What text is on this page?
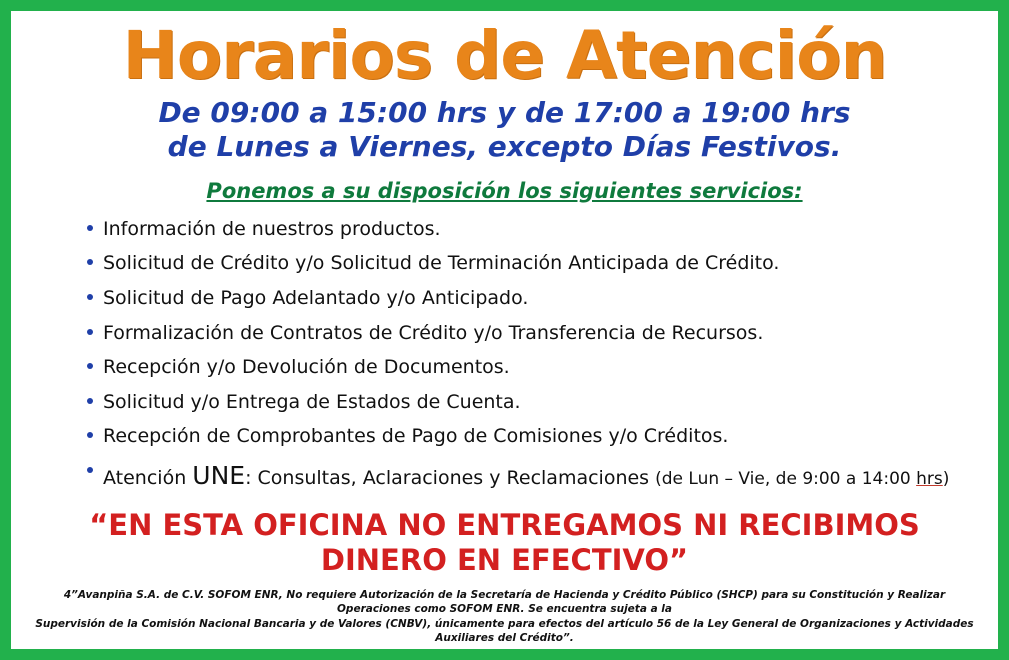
Horarios de Atención
De 09:00 a 15:00 hrs y de 17:00 a 19:00 hrs
de Lunes a Viernes, excepto Días Festivos.
Ponemos a su disposición los siguientes servicios:
Información de nuestros productos.
Solicitud de Crédito y/o Solicitud de Terminación Anticipada de Crédito.
Solicitud de Pago Adelantado y/o Anticipado.
Formalización de Contratos de Crédito y/o Transferencia de Recursos.
Recepción y/o Devolución de Documentos.
Solicitud y/o Entrega de Estados de Cuenta.
Recepción de Comprobantes de Pago de Comisiones y/o Créditos.
Atención UNE: Consultas, Aclaraciones y Reclamaciones (de Lun – Vie, de 9:00 a 14:00 hrs)
“EN ESTA OFICINA NO ENTREGAMOS NI RECIBIMOS
DINERO EN EFECTIVO”
4”Avanpiña S.A. de C.V. SOFOM ENR, No requiere Autorización de la Secretaría de Hacienda y Crédito Público (SHCP) para su Constitución y Realizar Operaciones como SOFOM ENR. Se encuentra sujeta a la
Supervisión de la Comisión Nacional Bancaria y de Valores (CNBV), únicamente para efectos del artículo 56 de la Ley General de Organizaciones y Actividades Auxiliares del Crédito”.
